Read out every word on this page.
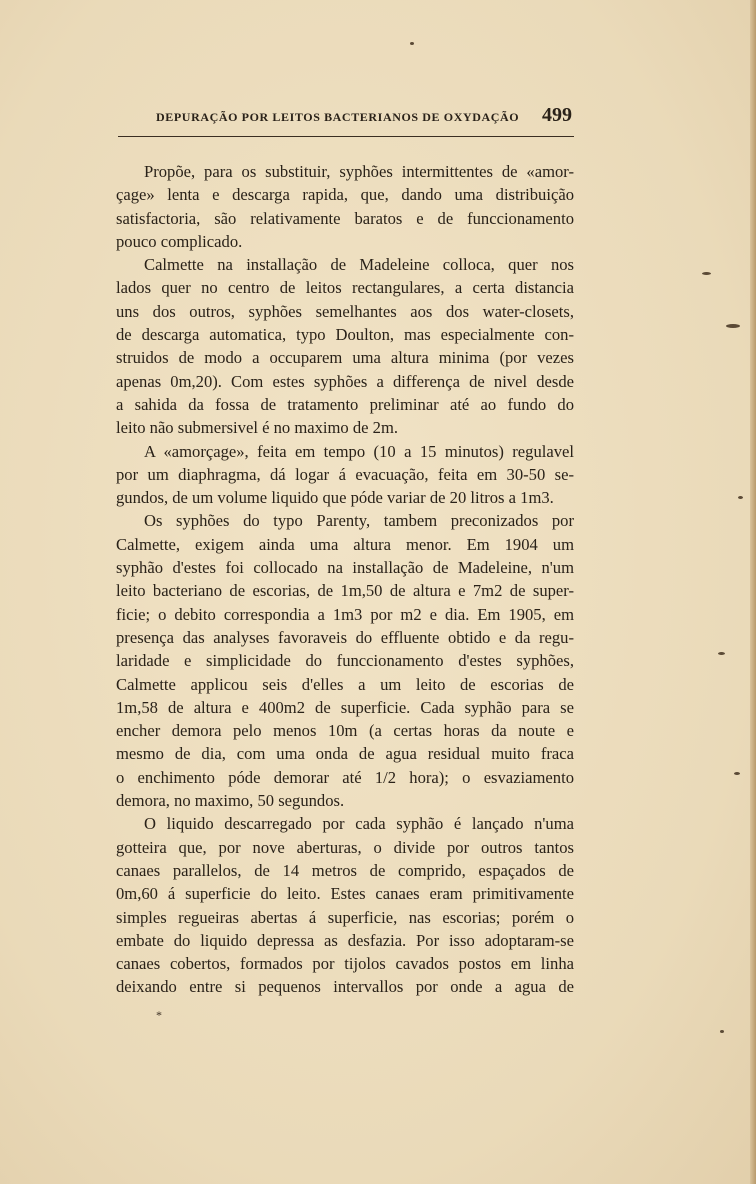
DEPURAÇÃO POR LEITOS BACTERIANOS DE OXYDAÇÃO 499
Propõe, para os substituir, syphões intermittentes de «amor-
çage» lenta e descarga rapida, que, dando uma distribuição
satisfactoria, são relativamente baratos e de funccionamento
pouco complicado.
Calmette na installação de Madeleine colloca, quer nos
lados quer no centro de leitos rectangulares, a certa distancia
uns dos outros, syphões semelhantes aos dos water-closets,
de descarga automatica, typo Doulton, mas especialmente con-
struidos de modo a occuparem uma altura minima (por vezes
apenas 0m,20). Com estes syphões a differença de nivel desde
a sahida da fossa de tratamento preliminar até ao fundo do
leito não submersivel é no maximo de 2m.
A «amorçage», feita em tempo (10 a 15 minutos) regulavel
por um diaphragma, dá logar á evacuação, feita em 30-50 se-
gundos, de um volume liquido que póde variar de 20 litros a 1m3.
Os syphões do typo Parenty, tambem preconizados por
Calmette, exigem ainda uma altura menor. Em 1904 um
syphão d'estes foi collocado na installação de Madeleine, n'um
leito bacteriano de escorias, de 1m,50 de altura e 7m2 de super-
ficie; o debito correspondia a 1m3 por m2 e dia. Em 1905, em
presença das analyses favoraveis do effluente obtido e da regu-
laridade e simplicidade do funccionamento d'estes syphões,
Calmette applicou seis d'elles a um leito de escorias de
1m,58 de altura e 400m2 de superficie. Cada syphão para se
encher demora pelo menos 10m (a certas horas da noute e
mesmo de dia, com uma onda de agua residual muito fraca
o enchimento póde demorar até 1/2 hora); o esvaziamento
demora, no maximo, 50 segundos.
O liquido descarregado por cada syphão é lançado n'uma
gotteira que, por nove aberturas, o divide por outros tantos
canaes parallelos, de 14 metros de comprido, espaçados de
0m,60 á superficie do leito. Estes canaes eram primitivamente
simples regueiras abertas á superficie, nas escorias; porém o
embate do liquido depressa as desfazia. Por isso adoptaram-se
canaes cobertos, formados por tijolos cavados postos em linha
deixando entre si pequenos intervallos por onde a agua de
*
